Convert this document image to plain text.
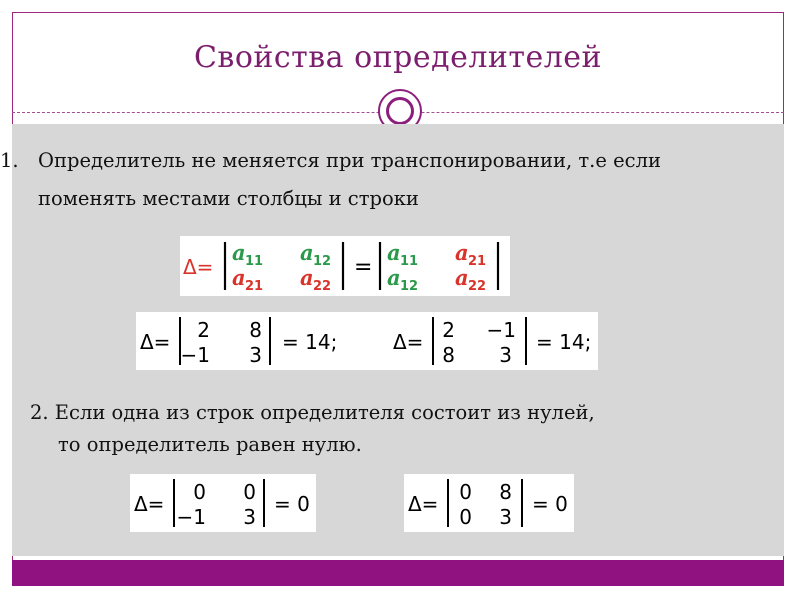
Свойства определителей
1. Определитель не меняется при транспонировании, т.е если
поменять местами столбцы и строки
Δ=
a 11 a 12
a 21 a 22
=
a 11 a 21
a 12 a 22
Δ= 2 8
−1 3
= 14;	Δ= 2 −1
8 3
= 14;
2. Если одна из строк определителя состоит из нулей,
то определитель равен нулю.
Δ= 0 0
−1 3
= 0	Δ= 0 8
0 3
= 0
